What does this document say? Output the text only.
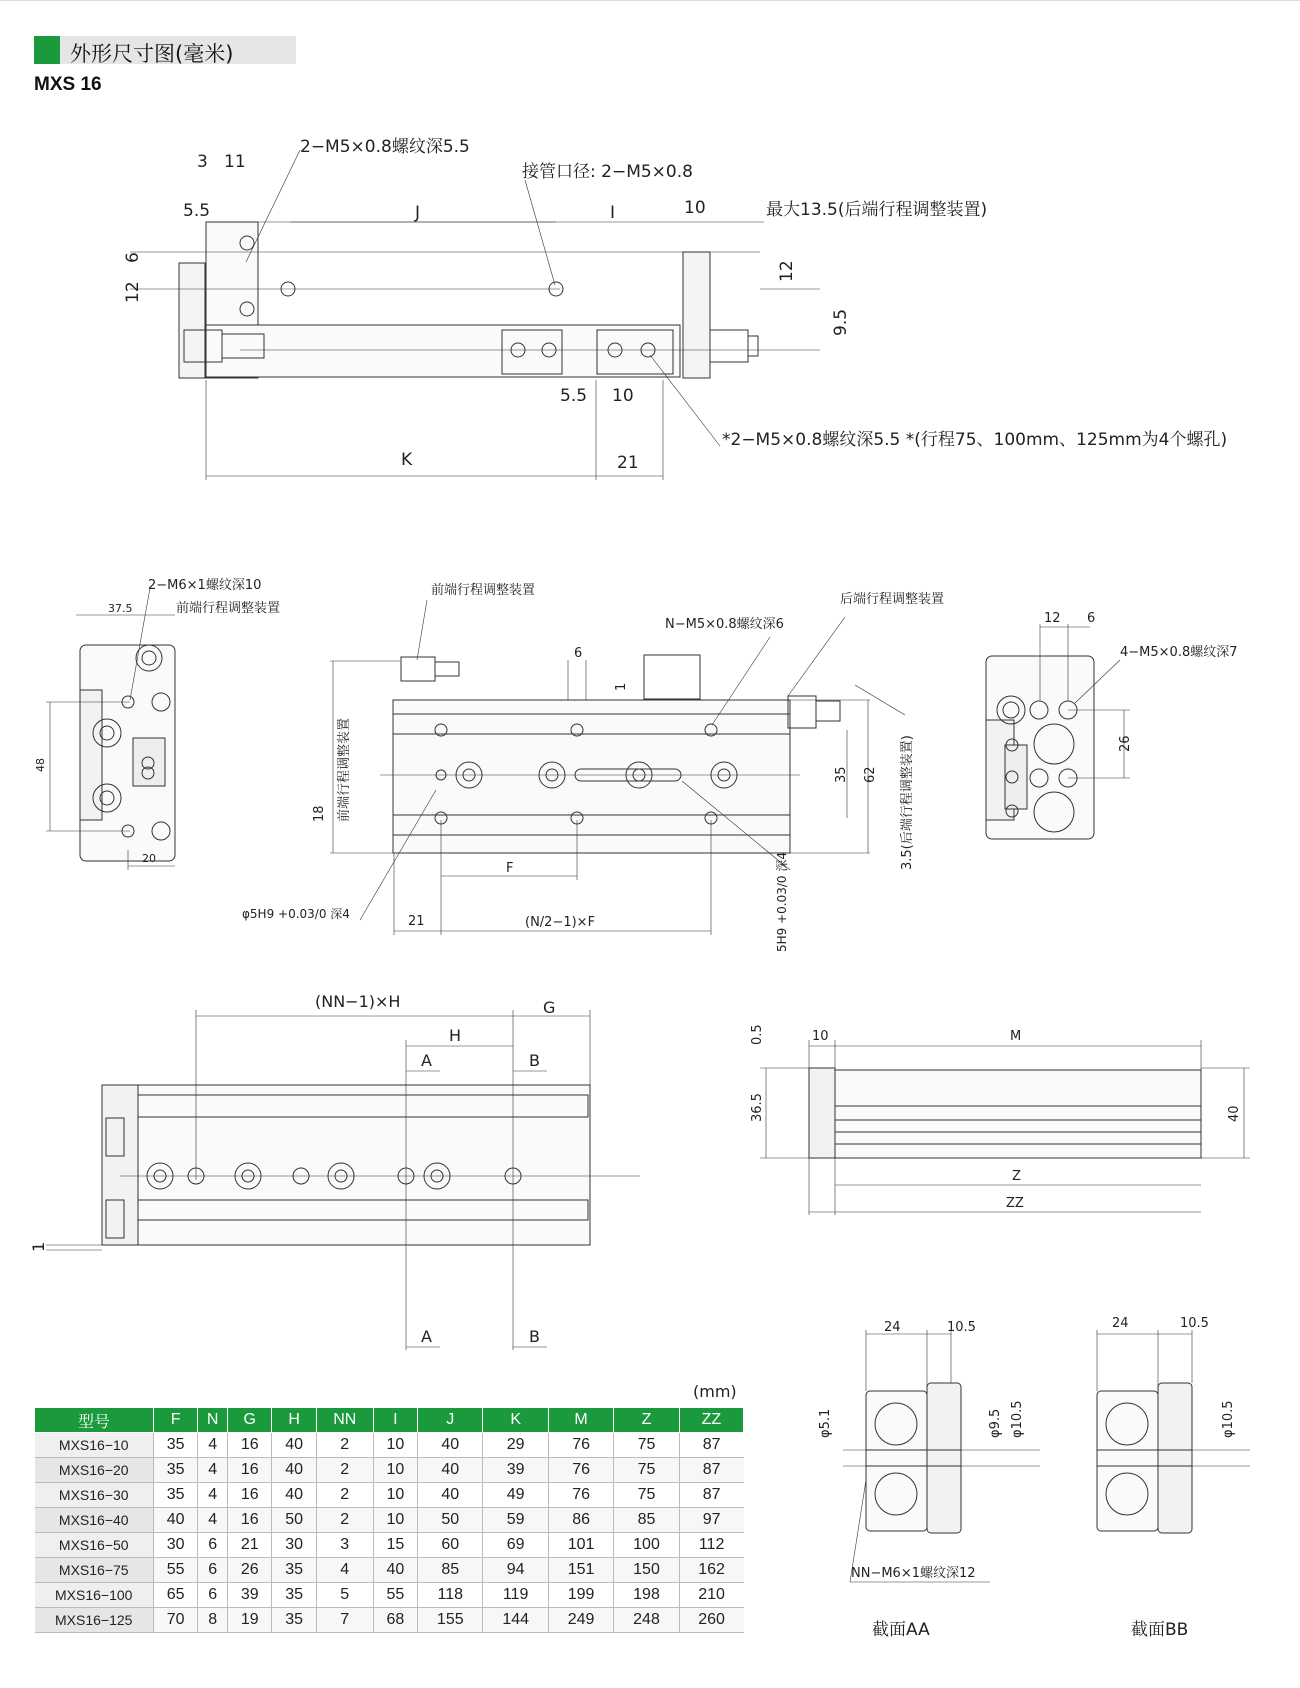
外形尺寸图(毫米)
MXS 16
3 11
5.5	J	I	10
6
12
12
9.5
5.5 10
K	21
2−M5×0.8螺纹深5.5
接管口径: 2−M5×0.8
最大13.5(后端行程调整装置)
*2−M5×0.8螺纹深5.5 *(行程75、100mm、125mm为4个螺孔)
2−M6×1螺纹深10
前端行程调整装置
37.5
48
20
前端行程调整装置
后端行程调整装置
N−M5×0.8螺纹深6
6
1
18 前端行程调整装置	35 62 3.5(后端行程调整装置)
21
F
(N/2−1)×F
φ5H9 +0.03/0 深4	5H9 +0.03/0 深4
12 6
4−M5×0.8螺纹深7
26
(NN−1)×H	G
H
A	B
A	B
1
0.5	10	M
36.5	40
Z
ZZ
24	10.5
φ5.1	φ9.5 φ10.5
24	10.5
φ10.5
NN−M6×1螺纹深12
截面AA	截面BB
(mm)
型号	F	N	G	H	NN	I	J	K	M	Z	ZZ
MXS16−10	35	4	16	40	2	10	40	29	76	75	87
MXS16−20	35	4	16	40	2	10	40	39	76	75	87
MXS16−30	35	4	16	40	2	10	40	49	76	75	87
MXS16−40	40	4	16	50	2	10	50	59	86	85	97
MXS16−50	30	6	21	30	3	15	60	69	101	100	112
MXS16−75	55	6	26	35	4	40	85	94	151	150	162
MXS16−100	65	6	39	35	5	55	118	119	199	198	210
MXS16−125	70	8	19	35	7	68	155	144	249	248	260
